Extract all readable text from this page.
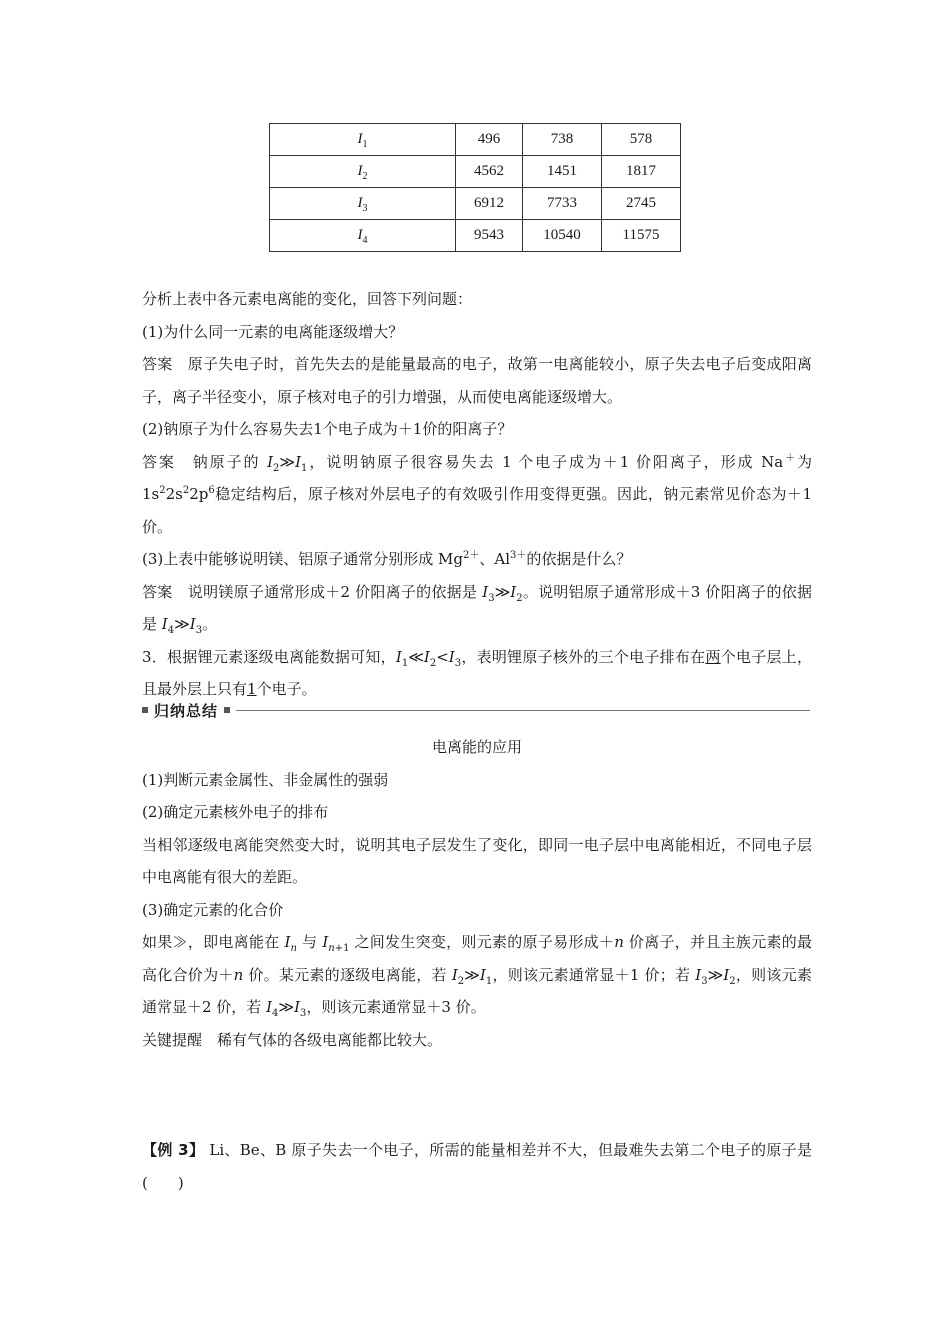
$I_1$	496	738	578
$I_2$	4562	1451	1817
$I_3$	6912	7733	2745
$I_4$	9543	10540	11575

分析上表中各元素电离能的变化，回答下列问题：

(1)为什么同一元素的电离能逐级增大？

答案　原子失电子时，首先失去的是能量最高的电子，故第一电离能较小，原子失去电子后变成阳离子，离子半径变小，原子核对电子的引力增强，从而使电离能逐级增大。

(2)钠原子为什么容易失去1个电子成为＋1价的阳离子？

答案　钠原子的 $I_2≫I_1$，说明钠原子很容易失去 1 个电子成为＋1 价阳离子，形成 Na＋为 $1s^22s^22p^6$稳定结构后，原子核对外层电子的有效吸引作用变得更强。因此，钠元素常见价态为＋1 价。

(3)上表中能够说明镁、铝原子通常分别形成 $Mg^{2+}$、$Al^{3+}$的依据是什么？

答案　说明镁原子通常形成＋2 价阳离子的依据是 $I_3≫I_2$。说明铝原子通常形成＋3 价阳离子的依据是 $I_4≫I_3$。

3．根据锂元素逐级电离能数据可知，$I_1≪I_2<I_3$，表明锂原子核外的三个电子排布在两个电子层上，且最外层上只有1个电子。

归纳总结

电离能的应用

(1)判断元素金属性、非金属性的强弱

(2)确定元素核外电子的排布

当相邻逐级电离能突然变大时，说明其电子层发生了变化，即同一电子层中电离能相近，不同电子层中电离能有很大的差距。

(3)确定元素的化合价

如果≫，即电离能在 $I_n$ 与 $I_{n+1}$ 之间发生突变，则元素的原子易形成＋n 价离子，并且主族元素的最高化合价为＋n 价。某元素的逐级电离能，若 $I_2≫I_1$，则该元素通常显＋1 价；若 $I_3≫I_2$，则该元素通常显＋2 价，若 $I_4≫I_3$，则该元素通常显＋3 价。

关键提醒　稀有气体的各级电离能都比较大。

【例 3】 Li、Be、B 原子失去一个电子，所需的能量相差并不大，但最难失去第二个电子的原子是(　　)
